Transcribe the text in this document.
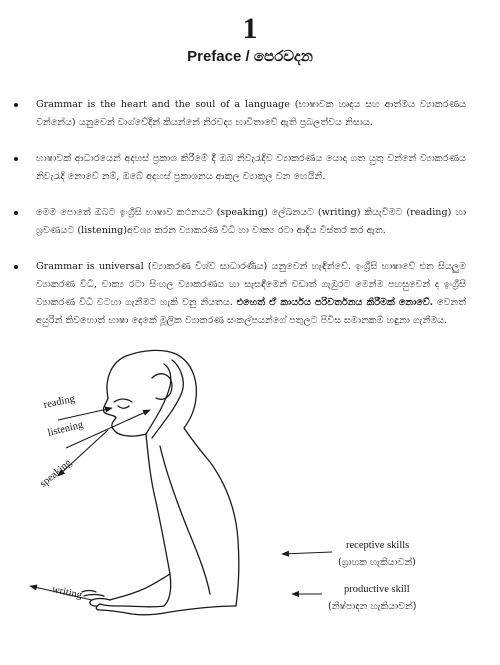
1
Preface / පෙරවදන
Grammar is the heart and the soul of a language (භාෂාවක හෘදය සහ ආත්මය ව්‍යාකරණය වන්නේය) යනුවෙන් වාග්වේදීන් කියන්නේ නිරවද්‍ය භාවිතාවේ ඇති ප්‍රබලත්වය නිසාය.
භාෂාවක් ආධාරයෙන් අදහස් ප්‍රකාශ කිරීමේ දී ඔබ නිවැරැදිව ව්‍යාකරණය යොදා ගත යුතු වන්නේ ව්‍යාකරණය නිවැරැදි නොවේ නම්, ඔබේ අදහස් ප්‍රකාශනය ආකූල ව්‍යාකූල වන හෙයිනි.
මෙම පොතේ ඔබට ඉංග්‍රීසි භාෂාව කථනයට (speaking) ලේඛනයට (writing) කියැවීමට (reading) හා ශ්‍රවණයට (listening)අවශ්‍ය කරන ව්‍යාකරණ විධි හා වාක්‍ය රටා ආදිය විස්තර කර ඇත.
Grammar is universal (ව්‍යාකරණ විශ්ව සාධාරණිය) යනුවෙන් හැඳින්වේ. ඉංග්‍රීසි භාෂාවේ එන සියලුම ව්‍යාකරණ විධි, වාක්‍ය රටා සිංහල ව්‍යාකරණය හා සැසඳීමෙන් වඩාත් ගැඹුරට මෙන්ම පහසුවෙන් ද ඉංග්‍රීසි ව්‍යාකරණ විධි වටහා ගැනීමට හැකි වනු නියතය. එහෙත් ඒ කාර්යය පරිවර්තනය කිරීමක් නොවේ. වෙනත් අයුරින් කිවහොත් භාෂා දෙකේ මූලික ව්‍යාකරණ සංකල්පයන්ගේ පතුලට පිවිස සමානකම් හඳුනා ගැනීමය.
reading
listening
speaking
writing
receptive skills
(ග්‍රාහක හැකියාවන්)
productive skill
(නිෂ්පාදන හැකියාවන්)
